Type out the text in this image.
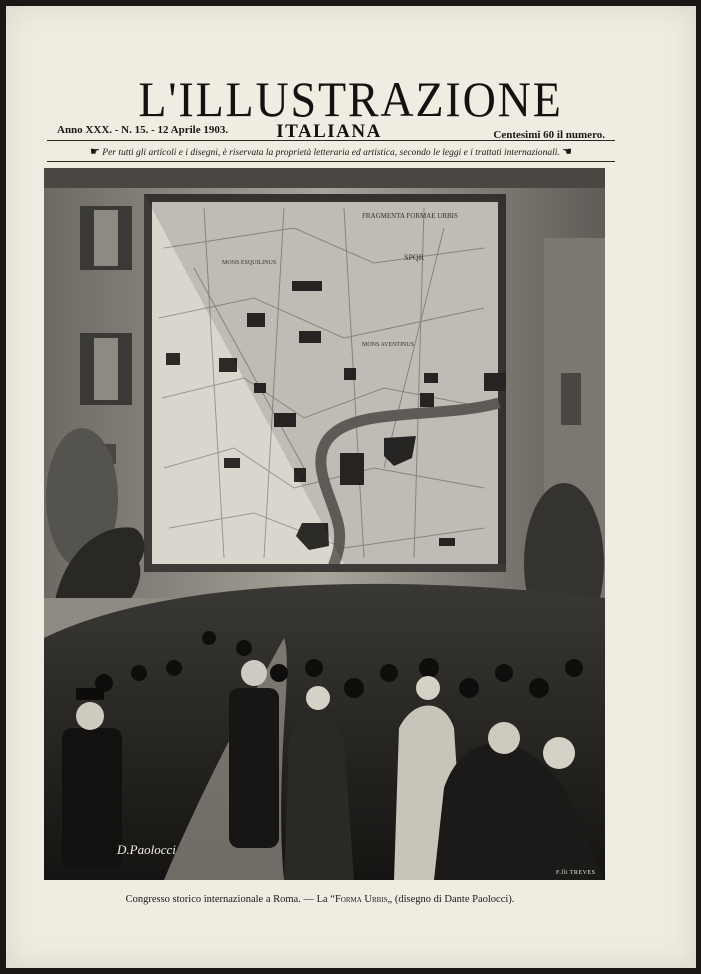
L'ILLUSTRAZIONE
Anno XXX. - N. 15. - 12 Aprile 1903.	ITALIANA	Centesimi 60 il numero.
☛ Per tutti gli articoli e i disegni, è riservata la proprietà letteraria ed artistica, secondo le leggi e i trattati internazionali. ☚
FRAGMENTA FORMAE URBIS
SPQR
MONS ESQUILINUS
MONS AVENTINUS
D.Paolocci
F.lli TREVES
Congresso storico internazionale a Roma. — La “Forma Urbis„ (disegno di Dante Paolocci).
